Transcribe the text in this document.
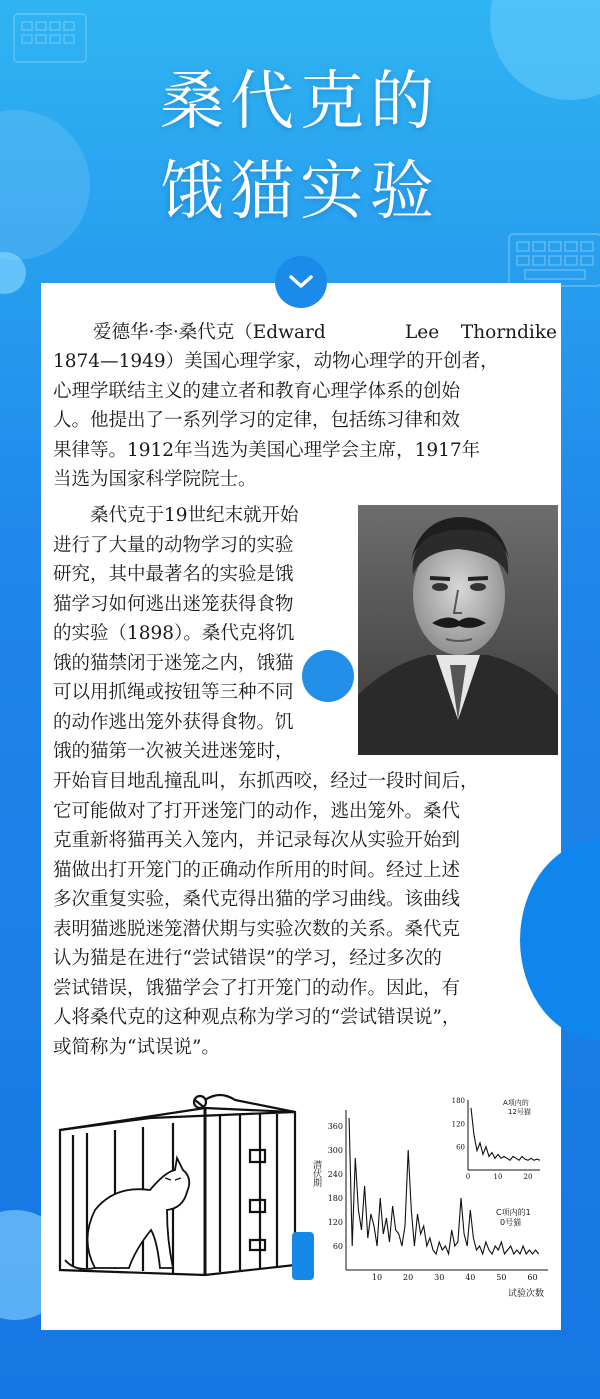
桑代克的
饿猫实验
爱德华·李·桑代克（Edward	Lee Thorndike
1874—1949）美国心理学家，动物心理学的开创者，
心理学联结主义的建立者和教育心理学体系的创始
人。他提出了一系列学习的定律，包括练习律和效
果律等。1912年当选为美国心理学会主席，1917年
当选为国家科学院院士。
　　桑代克于19世纪末就开始
进行了大量的动物学习的实验
研究，其中最著名的实验是饿
猫学习如何逃出迷笼获得食物
的实验（1898）。桑代克将饥
饿的猫禁闭于迷笼之内，饿猫
可以用抓绳或按钮等三种不同
的动作逃出笼外获得食物。饥
饿的猫第一次被关进迷笼时，
开始盲目地乱撞乱叫，东抓西咬，经过一段时间后，
它可能做对了打开迷笼门的动作，逃出笼外。桑代
克重新将猫再关入笼内，并记录每次从实验开始到
猫做出打开笼门的正确动作所用的时间。经过上述
多次重复实验，桑代克得出猫的学习曲线。该曲线
表明猫逃脱迷笼潜伏期与实验次数的关系。桑代克
认为猫是在进行“尝试错误”的学习，经过多次的
尝试错误，饿猫学会了打开笼门的动作。因此，有
人将桑代克的这种观点称为学习的“尝试错误说”，
或简称为“试误说”。
60
120
180
240
300
360
10	20	30	40	50	60
60
120
180
0	10	20
A项内的
12号猫
潜伏期
试验次数
C项内的1
0号猫
